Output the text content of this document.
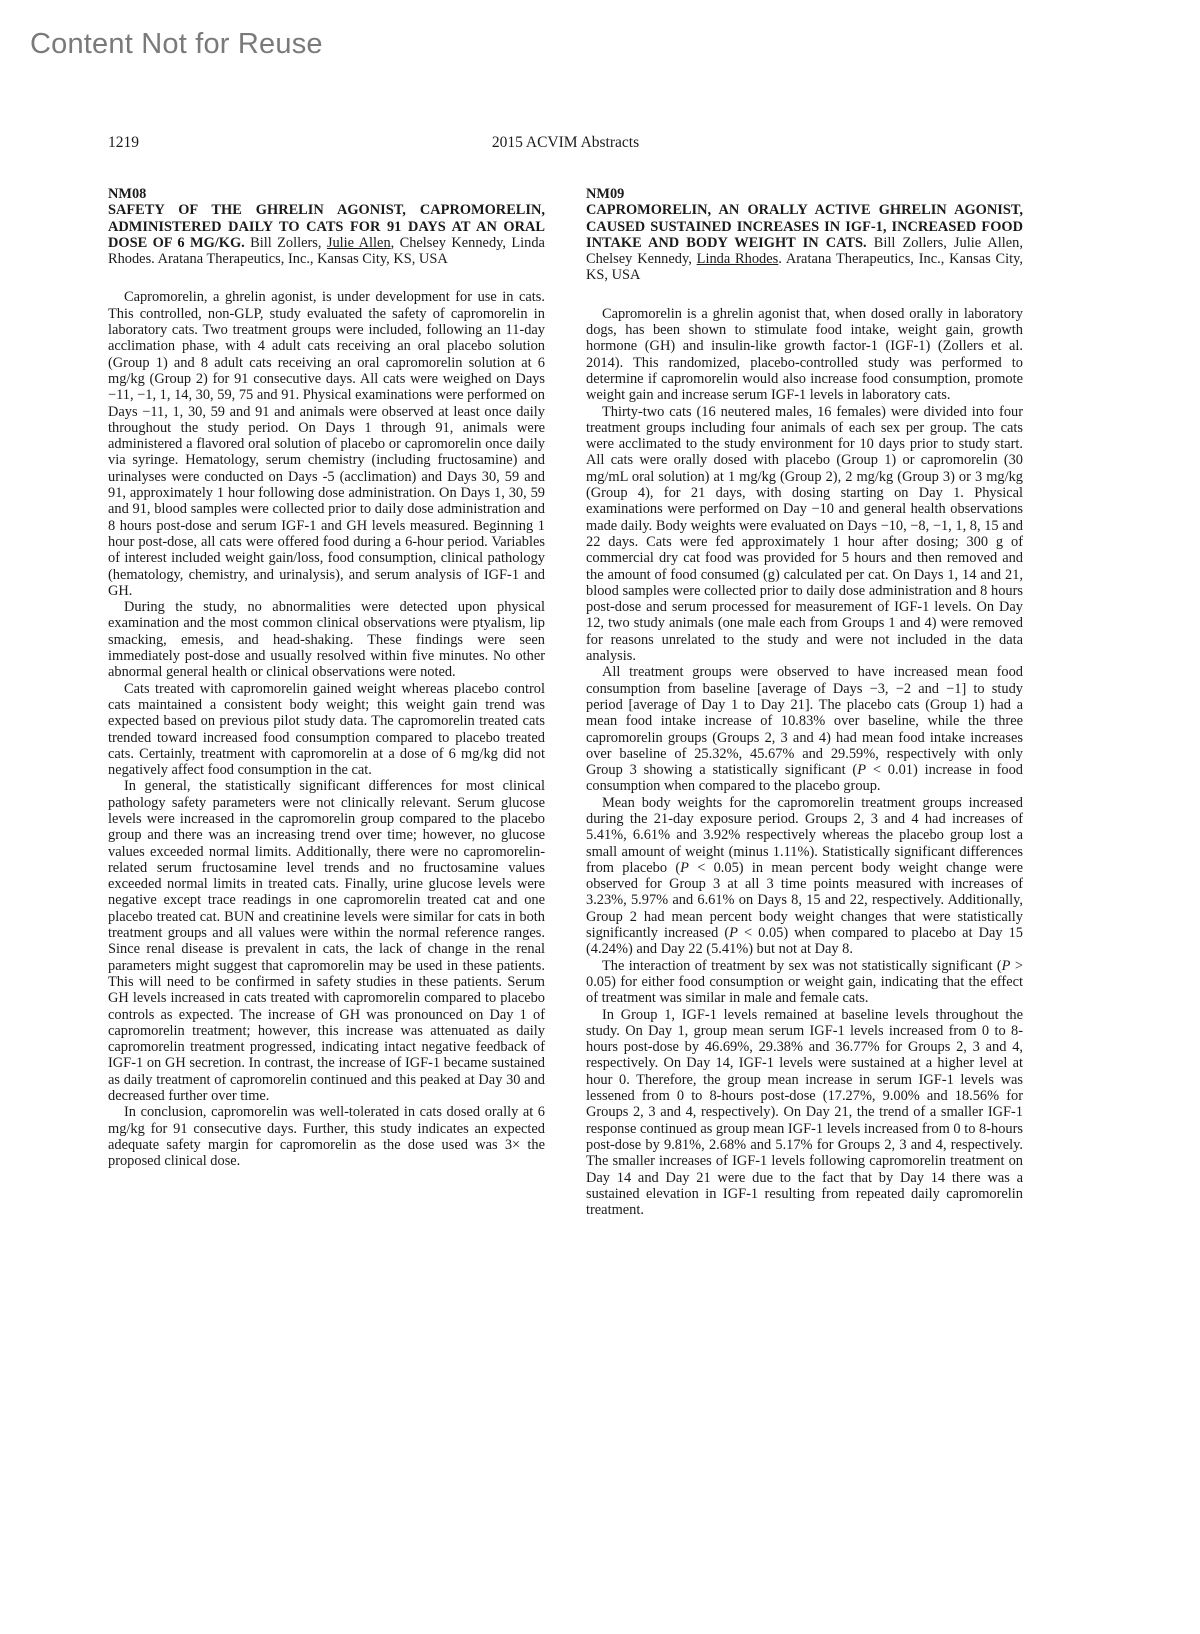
Content Not for Reuse
1219	2015 ACVIM Abstracts

NM08

SAFETY OF THE GHRELIN AGONIST, CAPROMORELIN, ADMINISTERED DAILY TO CATS FOR 91 DAYS AT AN ORAL DOSE OF 6 MG/KG. Bill Zollers, Julie Allen, Chelsey Kennedy, Linda Rhodes. Aratana Therapeutics, Inc., Kansas City, KS, USA

Capromorelin, a ghrelin agonist, is under development for use in cats. This controlled, non-GLP, study evaluated the safety of capromorelin in laboratory cats. Two treatment groups were included, following an 11-day acclimation phase, with 4 adult cats receiving an oral placebo solution (Group 1) and 8 adult cats receiving an oral capromorelin solution at 6 mg/kg (Group 2) for 91 consecutive days. All cats were weighed on Days −11, −1, 1, 14, 30, 59, 75 and 91. Physical examinations were performed on Days −11, 1, 30, 59 and 91 and animals were observed at least once daily throughout the study period. On Days 1 through 91, animals were administered a flavored oral solution of placebo or capromorelin once daily via syringe. Hematology, serum chemistry (including fructosamine) and urinalyses were conducted on Days -5 (acclimation) and Days 30, 59 and 91, approximately 1 hour following dose administration. On Days 1, 30, 59 and 91, blood samples were collected prior to daily dose administration and 8 hours post-dose and serum IGF-1 and GH levels measured. Beginning 1 hour post-dose, all cats were offered food during a 6-hour period. Variables of interest included weight gain/loss, food consumption, clinical pathology (hematology, chemistry, and urinalysis), and serum analysis of IGF-1 and GH.

During the study, no abnormalities were detected upon physical examination and the most common clinical observations were ptyalism, lip smacking, emesis, and head-shaking. These findings were seen immediately post-dose and usually resolved within five minutes. No other abnormal general health or clinical observations were noted.

Cats treated with capromorelin gained weight whereas placebo control cats maintained a consistent body weight; this weight gain trend was expected based on previous pilot study data. The capromorelin treated cats trended toward increased food consumption compared to placebo treated cats. Certainly, treatment with capromorelin at a dose of 6 mg/kg did not negatively affect food consumption in the cat.

In general, the statistically significant differences for most clinical pathology safety parameters were not clinically relevant. Serum glucose levels were increased in the capromorelin group compared to the placebo group and there was an increasing trend over time; however, no glucose values exceeded normal limits. Additionally, there were no capromorelin-related serum fructosamine level trends and no fructosamine values exceeded normal limits in treated cats. Finally, urine glucose levels were negative except trace readings in one capromorelin treated cat and one placebo treated cat. BUN and creatinine levels were similar for cats in both treatment groups and all values were within the normal reference ranges. Since renal disease is prevalent in cats, the lack of change in the renal parameters might suggest that capromorelin may be used in these patients. This will need to be confirmed in safety studies in these patients. Serum GH levels increased in cats treated with capromorelin compared to placebo controls as expected. The increase of GH was pronounced on Day 1 of capromorelin treatment; however, this increase was attenuated as daily capromorelin treatment progressed, indicating intact negative feedback of IGF-1 on GH secretion. In contrast, the increase of IGF-1 became sustained as daily treatment of capromorelin continued and this peaked at Day 30 and decreased further over time.

In conclusion, capromorelin was well-tolerated in cats dosed orally at 6 mg/kg for 91 consecutive days. Further, this study indicates an expected adequate safety margin for capromorelin as the dose used was 3× the proposed clinical dose.

NM09

CAPROMORELIN, AN ORALLY ACTIVE GHRELIN AGONIST, CAUSED SUSTAINED INCREASES IN IGF-1, INCREASED FOOD INTAKE AND BODY WEIGHT IN CATS. Bill Zollers, Julie Allen, Chelsey Kennedy, Linda Rhodes. Aratana Therapeutics, Inc., Kansas City, KS, USA

Capromorelin is a ghrelin agonist that, when dosed orally in laboratory dogs, has been shown to stimulate food intake, weight gain, growth hormone (GH) and insulin-like growth factor-1 (IGF-1) (Zollers et al. 2014). This randomized, placebo-controlled study was performed to determine if capromorelin would also increase food consumption, promote weight gain and increase serum IGF-1 levels in laboratory cats.

Thirty-two cats (16 neutered males, 16 females) were divided into four treatment groups including four animals of each sex per group. The cats were acclimated to the study environment for 10 days prior to study start. All cats were orally dosed with placebo (Group 1) or capromorelin (30 mg/mL oral solution) at 1 mg/kg (Group 2), 2 mg/kg (Group 3) or 3 mg/kg (Group 4), for 21 days, with dosing starting on Day 1. Physical examinations were performed on Day −10 and general health observations made daily. Body weights were evaluated on Days −10, −8, −1, 1, 8, 15 and 22 days. Cats were fed approximately 1 hour after dosing; 300 g of commercial dry cat food was provided for 5 hours and then removed and the amount of food consumed (g) calculated per cat. On Days 1, 14 and 21, blood samples were collected prior to daily dose administration and 8 hours post-dose and serum processed for measurement of IGF-1 levels. On Day 12, two study animals (one male each from Groups 1 and 4) were removed for reasons unrelated to the study and were not included in the data analysis.

All treatment groups were observed to have increased mean food consumption from baseline [average of Days −3, −2 and −1] to study period [average of Day 1 to Day 21]. The placebo cats (Group 1) had a mean food intake increase of 10.83% over baseline, while the three capromorelin groups (Groups 2, 3 and 4) had mean food intake increases over baseline of 25.32%, 45.67% and 29.59%, respectively with only Group 3 showing a statistically significant (P < 0.01) increase in food consumption when compared to the placebo group.

Mean body weights for the capromorelin treatment groups increased during the 21-day exposure period. Groups 2, 3 and 4 had increases of 5.41%, 6.61% and 3.92% respectively whereas the placebo group lost a small amount of weight (minus 1.11%). Statistically significant differences from placebo (P < 0.05) in mean percent body weight change were observed for Group 3 at all 3 time points measured with increases of 3.23%, 5.97% and 6.61% on Days 8, 15 and 22, respectively. Additionally, Group 2 had mean percent body weight changes that were statistically significantly increased (P < 0.05) when compared to placebo at Day 15 (4.24%) and Day 22 (5.41%) but not at Day 8.

The interaction of treatment by sex was not statistically significant (P > 0.05) for either food consumption or weight gain, indicating that the effect of treatment was similar in male and female cats.

In Group 1, IGF-1 levels remained at baseline levels throughout the study. On Day 1, group mean serum IGF-1 levels increased from 0 to 8-hours post-dose by 46.69%, 29.38% and 36.77% for Groups 2, 3 and 4, respectively. On Day 14, IGF-1 levels were sustained at a higher level at hour 0. Therefore, the group mean increase in serum IGF-1 levels was lessened from 0 to 8-hours post-dose (17.27%, 9.00% and 18.56% for Groups 2, 3 and 4, respectively). On Day 21, the trend of a smaller IGF-1 response continued as group mean IGF-1 levels increased from 0 to 8-hours post-dose by 9.81%, 2.68% and 5.17% for Groups 2, 3 and 4, respectively. The smaller increases of IGF-1 levels following capromorelin treatment on Day 14 and Day 21 were due to the fact that by Day 14 there was a sustained elevation in IGF-1 resulting from repeated daily capromorelin treatment.
